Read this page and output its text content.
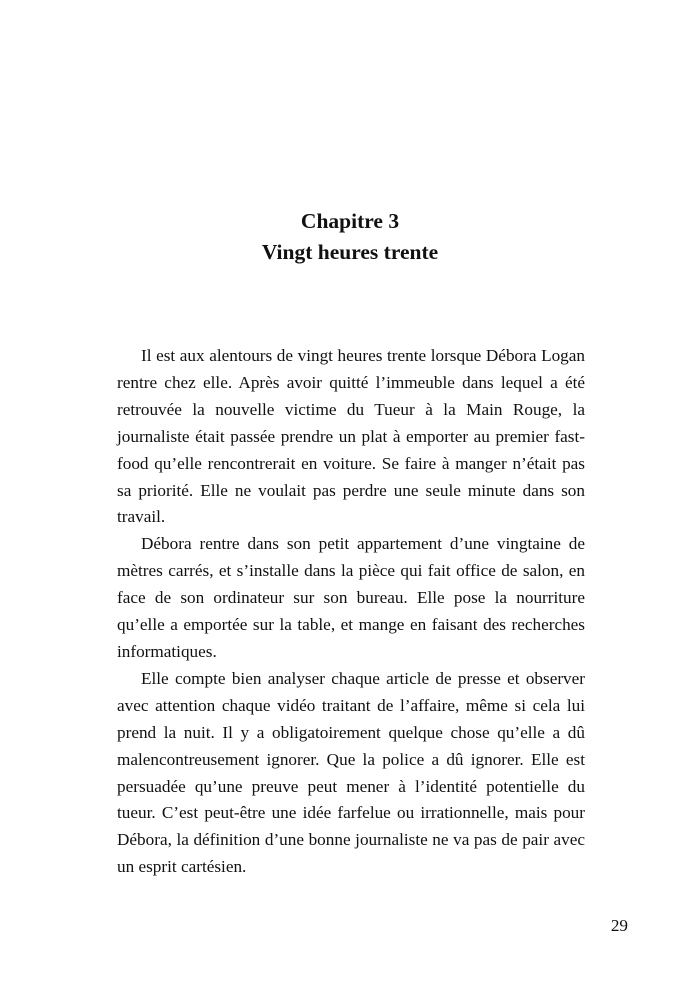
Chapitre 3
Vingt heures trente

Il est aux alentours de vingt heures trente lorsque Débora Logan rentre chez elle. Après avoir quitté l’immeuble dans lequel a été retrouvée la nouvelle victime du Tueur à la Main Rouge, la journaliste était passée prendre un plat à emporter au premier fast-food qu’elle rencontrerait en voiture. Se faire à manger n’était pas sa priorité. Elle ne voulait pas perdre une seule minute dans son travail.

Débora rentre dans son petit appartement d’une vingtaine de mètres carrés, et s’installe dans la pièce qui fait office de salon, en face de son ordinateur sur son bureau. Elle pose la nourriture qu’elle a emportée sur la table, et mange en faisant des recherches informatiques.

Elle compte bien analyser chaque article de presse et observer avec attention chaque vidéo traitant de l’affaire, même si cela lui prend la nuit. Il y a obligatoirement quelque chose qu’elle a dû malencontreusement ignorer. Que la police a dû ignorer. Elle est persuadée qu’une preuve peut mener à l’identité potentielle du tueur. C’est peut-être une idée farfelue ou irrationnelle, mais pour Débora, la définition d’une bonne journaliste ne va pas de pair avec un esprit cartésien.

29
